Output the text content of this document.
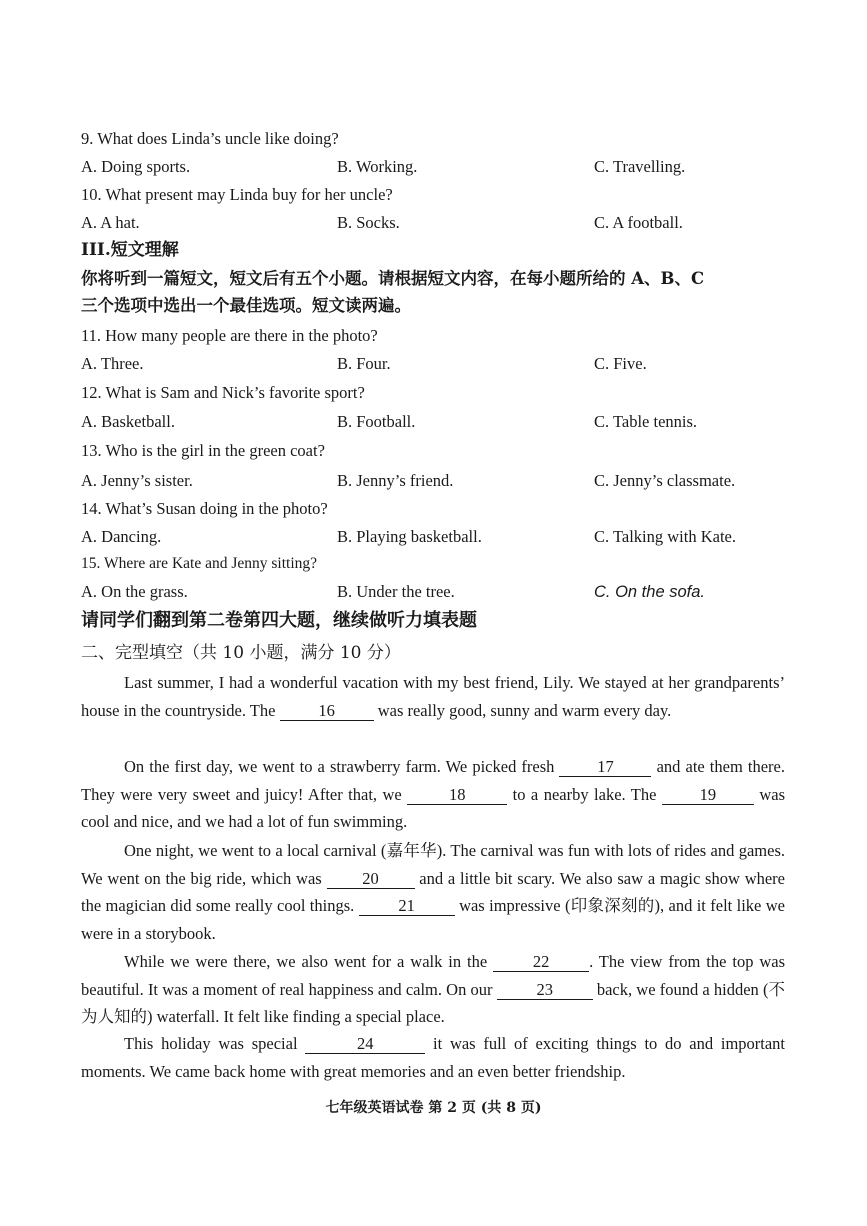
9. What does Linda’s uncle like doing?
A. Doing sports.	B. Working.	C. Travelling.
10. What present may Linda buy for her uncle?
A. A hat.	B. Socks.	C. A football.
III.短文理解
你将听到一篇短文，短文后有五个小题。请根据短文内容，在每小题所给的 A、B、C
三个选项中选出一个最佳选项。短文读两遍。
11. How many people are there in the photo?
A. Three.	B. Four.	C. Five.
12. What is Sam and Nick’s favorite sport?
A. Basketball.	B. Football.	C. Table tennis.
13. Who is the girl in the green coat?
A. Jenny’s sister.	B. Jenny’s friend.	C. Jenny’s classmate.
14. What’s Susan doing in the photo?
A. Dancing.	B. Playing basketball.	C. Talking with Kate.
15. Where are Kate and Jenny sitting?
A. On the grass.	B. Under the tree.	C. On the sofa.
请同学们翻到第二卷第四大题，继续做听力填表题
二、完型填空（共 10 小题，满分 10 分）
Last summer, I had a wonderful vacation with my best friend, Lily. We stayed at her grandparents’ house in the countryside. The	16	was really good, sunny and warm every day.
On the first day, we went to a strawberry farm. We picked fresh	17	and ate them there. They were very sweet and juicy! After that, we	18	to a nearby lake. The	19	was cool and nice, and we had a lot of fun swimming.
One night, we went to a local carnival (嘉年华). The carnival was fun with lots of rides and games. We went on the big ride, which was 20 and a little bit scary. We also saw a magic show where the magician did some really cool things.	21	was impressive (印象深刻的), and it felt like we were in a storybook.
While we were there, we also went for a walk in the	22 . The view from the top was beautiful. It was a moment of real happiness and calm. On our	23	back, we found a hidden (不为人知的) waterfall. It felt like finding a special place.
This holiday was special	24	it was full of exciting things to do and important moments. We came back home with great memories and an even better friendship.
七年级英语试卷 第 2 页 (共 8 页)
